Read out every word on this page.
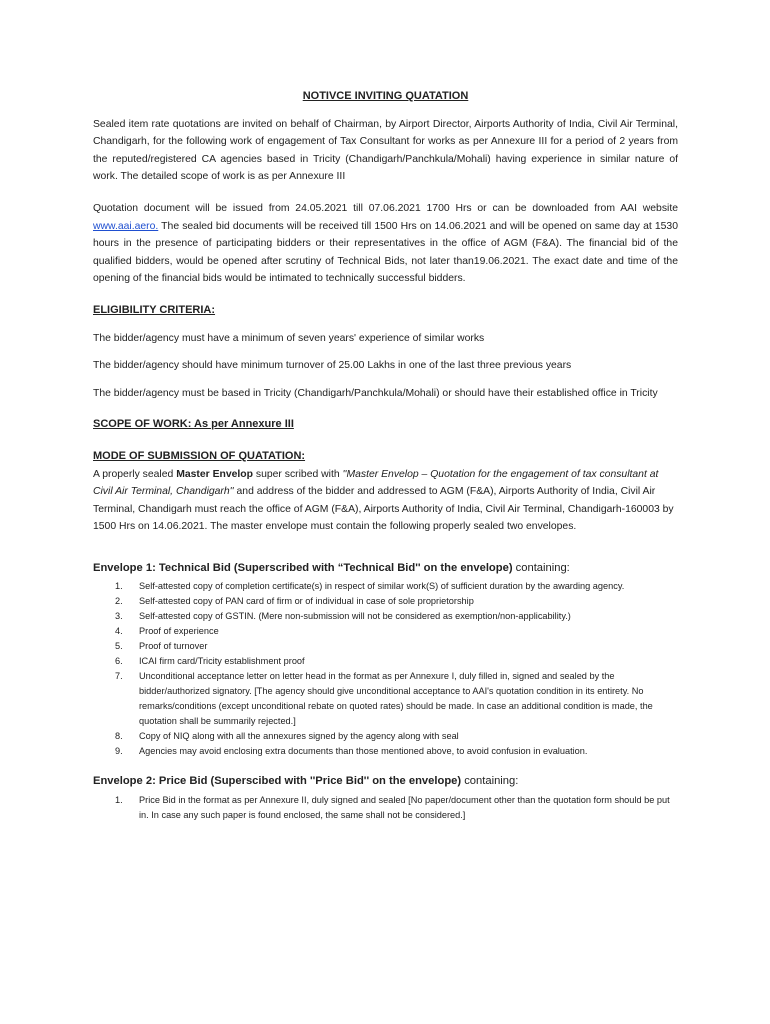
NOTIVCE INVITING QUATATION

Sealed item rate quotations are invited on behalf of Chairman, by Airport Director, Airports Authority of India, Civil Air Terminal, Chandigarh, for the following work of engagement of Tax Consultant for works as per Annexure III for a period of 2 years from the reputed/registered CA agencies based in Tricity (Chandigarh/Panchkula/Mohali) having experience in similar nature of work. The detailed scope of work is as per Annexure III

Quotation document will be issued from 24.05.2021 till 07.06.2021 1700 Hrs or can be downloaded from AAI website www.aai.aero. The sealed bid documents will be received till 1500 Hrs on 14.06.2021 and will be opened on same day at 1530 hours in the presence of participating bidders or their representatives in the office of AGM (F&A). The financial bid of the qualified bidders, would be opened after scrutiny of Technical Bids, not later than19.06.2021. The exact date and time of the opening of the financial bids would be intimated to technically successful bidders.

ELIGIBILITY CRITERIA:

The bidder/agency must have a minimum of seven years' experience of similar works

The bidder/agency should have minimum turnover of 25.00 Lakhs in one of the last three previous years

The bidder/agency must be based in Tricity (Chandigarh/Panchkula/Mohali) or should have their established office in Tricity

SCOPE OF WORK: As per Annexure III

MODE OF SUBMISSION OF QUATATION:

A properly sealed Master Envelop super scribed with ''Master Envelop – Quotation for the engagement of tax consultant at Civil Air Terminal, Chandigarh'' and address of the bidder and addressed to AGM (F&A), Airports Authority of India, Civil Air Terminal, Chandigarh must reach the office of AGM (F&A), Airports Authority of India, Civil Air Terminal, Chandigarh-160003 by 1500 Hrs on 14.06.2021. The master envelope must contain the following properly sealed two envelopes.

Envelope 1: Technical Bid (Superscribed with “Technical Bid'' on the envelope) containing:

1. Self-attested copy of completion certificate(s) in respect of similar work(S) of sufficient duration by the awarding agency.
2. Self-attested copy of PAN card of firm or of individual in case of sole proprietorship
3. Self-attested copy of GSTIN. (Mere non-submission will not be considered as exemption/non-applicability.)
4. Proof of experience
5. Proof of turnover
6. ICAI firm card/Tricity establishment proof
7. Unconditional acceptance letter on letter head in the format as per Annexure I, duly filled in, signed and sealed by the bidder/authorized signatory. [The agency should give unconditional acceptance to AAI's quotation condition in its entirety. No remarks/conditions (except unconditional rebate on quoted rates) should be made. In case an additional condition is made, the quotation shall be summarily rejected.]
8. Copy of NIQ along with all the annexures signed by the agency along with seal
9. Agencies may avoid enclosing extra documents than those mentioned above, to avoid confusion in evaluation.

Envelope 2: Price Bid (Superscibed with ''Price Bid'' on the envelope) containing:

1. Price Bid in the format as per Annexure II, duly signed and sealed [No paper/document other than the quotation form should be put in. In case any such paper is found enclosed, the same shall not be considered.]
